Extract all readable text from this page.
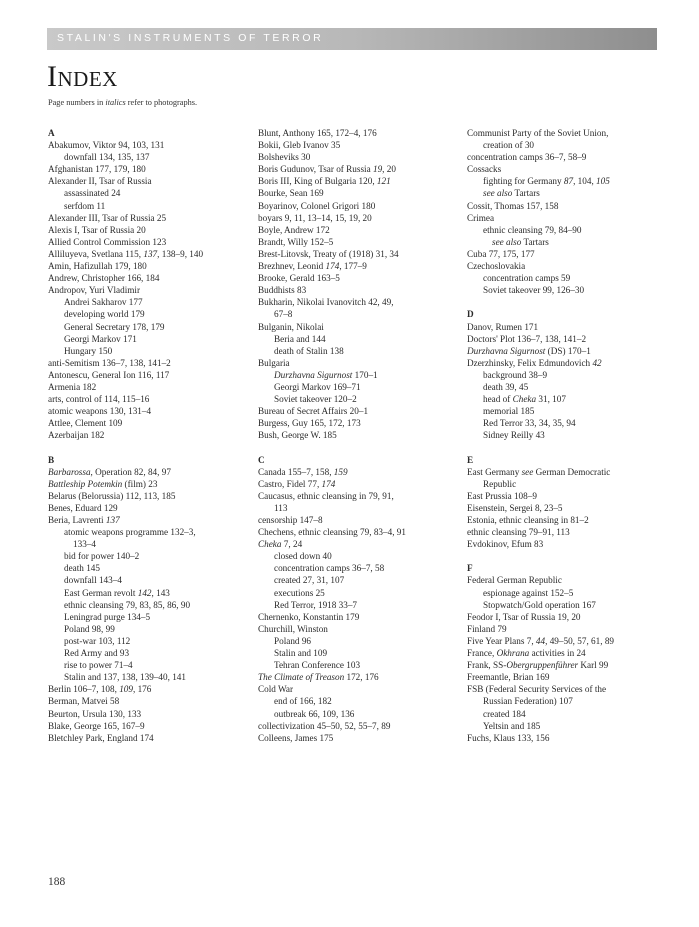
STALIN'S INSTRUMENTS OF TERROR
Index
Page numbers in italics refer to photographs.
A
Abakumov, Viktor 94, 103, 131
downfall 134, 135, 137
Afghanistan 177, 179, 180
Alexander II, Tsar of Russia
assassinated 24
serfdom 11
Alexander III, Tsar of Russia 25
Alexis I, Tsar of Russia 20
Allied Control Commission 123
Alliluyeva, Svetlana 115, 137, 138–9, 140
Amin, Hafizullah 179, 180
Andrew, Christopher 166, 184
Andropov, Yuri Vladimir
Andrei Sakharov 177
developing world 179
General Secretary 178, 179
Georgi Markov 171
Hungary 150
anti-Semitism 136–7, 138, 141–2
Antonescu, General Ion 116, 117
Armenia 182
arts, control of 114, 115–16
atomic weapons 130, 131–4
Attlee, Clement 109
Azerbaijan 182
B
Barbarossa, Operation 82, 84, 97
Battleship Potemkin (film) 23
Belarus (Belorussia) 112, 113, 185
Benes, Eduard 129
Beria, Lavrenti 137
atomic weapons programme 132–3,
133–4
bid for power 140–2
death 145
downfall 143–4
East German revolt 142, 143
ethnic cleansing 79, 83, 85, 86, 90
Leningrad purge 134–5
Poland 98, 99
post-war 103, 112
Red Army and 93
rise to power 71–4
Stalin and 137, 138, 139–40, 141
Berlin 106–7, 108, 109, 176
Berman, Matvei 58
Beurton, Ursula 130, 133
Blake, George 165, 167–9
Bletchley Park, England 174
Blunt, Anthony 165, 172–4, 176
Bokii, Gleb Ivanov 35
Bolsheviks 30
Boris Gudunov, Tsar of Russia 19, 20
Boris III, King of Bulgaria 120, 121
Bourke, Sean 169
Boyarinov, Colonel Grigori 180
boyars 9, 11, 13–14, 15, 19, 20
Boyle, Andrew 172
Brandt, Willy 152–5
Brest-Litovsk, Treaty of (1918) 31, 34
Brezhnev, Leonid 174, 177–9
Brooke, Gerald 163–5
Buddhists 83
Bukharin, Nikolai Ivanovitch 42, 49,
67–8
Bulganin, Nikolai
Beria and 144
death of Stalin 138
Bulgaria
Durzhavna Sigurnost 170–1
Georgi Markov 169–71
Soviet takeover 120–2
Bureau of Secret Affairs 20–1
Burgess, Guy 165, 172, 173
Bush, George W. 185
C
Canada 155–7, 158, 159
Castro, Fidel 77, 174
Caucasus, ethnic cleansing in 79, 91,
113
censorship 147–8
Chechens, ethnic cleansing 79, 83–4, 91
Cheka 7, 24
closed down 40
concentration camps 36–7, 58
created 27, 31, 107
executions 25
Red Terror, 1918 33–7
Chernenko, Konstantin 179
Churchill, Winston
Poland 96
Stalin and 109
Tehran Conference 103
The Climate of Treason 172, 176
Cold War
end of 166, 182
outbreak 66, 109, 136
collectivization 45–50, 52, 55–7, 89
Colleens, James 175
Communist Party of the Soviet Union,
creation of 30
concentration camps 36–7, 58–9
Cossacks
fighting for Germany 87, 104, 105
see also Tartars
Cossit, Thomas 157, 158
Crimea
ethnic cleansing 79, 84–90
see also Tartars
Cuba 77, 175, 177
Czechoslovakia
concentration camps 59
Soviet takeover 99, 126–30
D
Danov, Rumen 171
Doctors' Plot 136–7, 138, 141–2
Durzhavna Sigurnost (DS) 170–1
Dzerzhinsky, Felix Edmundovich 42
background 38–9
death 39, 45
head of Cheka 31, 107
memorial 185
Red Terror 33, 34, 35, 94
Sidney Reilly 43
E
East Germany see German Democratic
Republic
East Prussia 108–9
Eisenstein, Sergei 8, 23–5
Estonia, ethnic cleansing in 81–2
ethnic cleansing 79–91, 113
Evdokinov, Efum 83
F
Federal German Republic
espionage against 152–5
Stopwatch/Gold operation 167
Feodor I, Tsar of Russia 19, 20
Finland 79
Five Year Plans 7, 44, 49–50, 57, 61, 89
France, Okhrana activities in 24
Frank, SS-Obergruppenführer Karl 99
Freemantle, Brian 169
FSB (Federal Security Services of the
Russian Federation) 107
created 184
Yeltsin and 185
Fuchs, Klaus 133, 156
188
